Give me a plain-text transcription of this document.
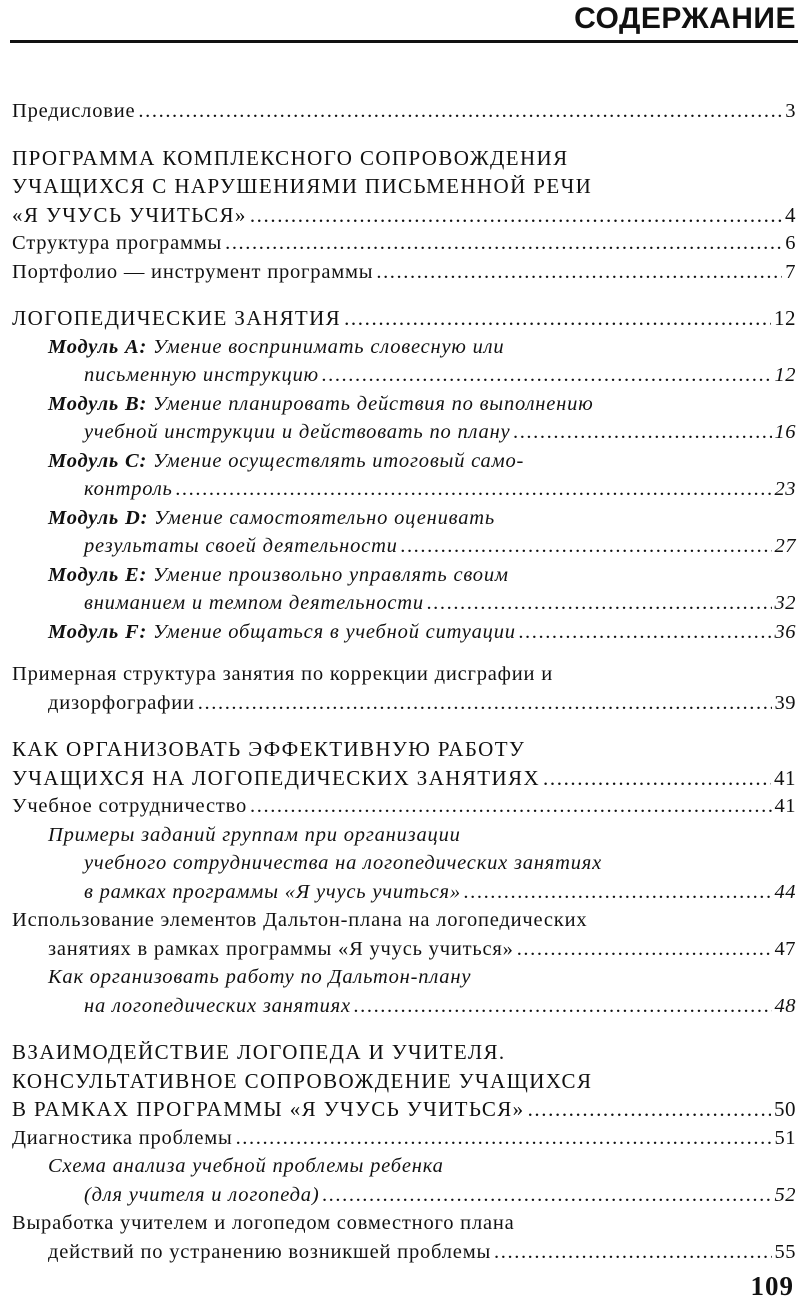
СОДЕРЖАНИЕ
Предисловие .....	3
ПРОГРАММА КОМПЛЕКСНОГО СОПРОВОЖДЕНИЯ
УЧАЩИХСЯ С НАРУШЕНИЯМИ ПИСЬМЕННОЙ РЕЧИ
«Я УЧУСЬ УЧИТЬСЯ» .....	4
Структура программы .....	6
Портфолио — инструмент программы .....	7
ЛОГОПЕДИЧЕСКИЕ ЗАНЯТИЯ .....	12
Модуль А: Умение воспринимать словесную или
письменную инструкцию .....	12
Модуль В: Умение планировать действия по выполнению
учебной инструкции и действовать по плану .....	16
Модуль С: Умение осуществлять итоговый само-
контроль .....	23
Модуль D: Умение самостоятельно оценивать
результаты своей деятельности .....	27
Модуль Е: Умение произвольно управлять своим
вниманием и темпом деятельности .....	32
Модуль F: Умение общаться в учебной ситуации .....	36
Примерная структура занятия по коррекции дисграфии и
дизорфографии .....	39
КАК ОРГАНИЗОВАТЬ ЭФФЕКТИВНУЮ РАБОТУ
УЧАЩИХСЯ НА ЛОГОПЕДИЧЕСКИХ ЗАНЯТИЯХ .....	41
Учебное сотрудничество .....	41
Примеры заданий группам при организации
учебного сотрудничества на логопедических занятиях
в рамках программы «Я учусь учиться» .....	44
Использование элементов Дальтон-плана на логопедических
занятиях в рамках программы «Я учусь учиться» .....	47
Как организовать работу по Дальтон-плану
на логопедических занятиях .....	48
ВЗАИМОДЕЙСТВИЕ ЛОГОПЕДА И УЧИТЕЛЯ.
КОНСУЛЬТАТИВНОЕ СОПРОВОЖДЕНИЕ УЧАЩИХСЯ
В РАМКАХ ПРОГРАММЫ «Я УЧУСЬ УЧИТЬСЯ» .....	50
Диагностика проблемы .....	51
Схема анализа учебной проблемы ребенка
(для учителя и логопеда) .....	52
Выработка учителем и логопедом совместного плана
действий по устранению возникшей проблемы .....	55
109
